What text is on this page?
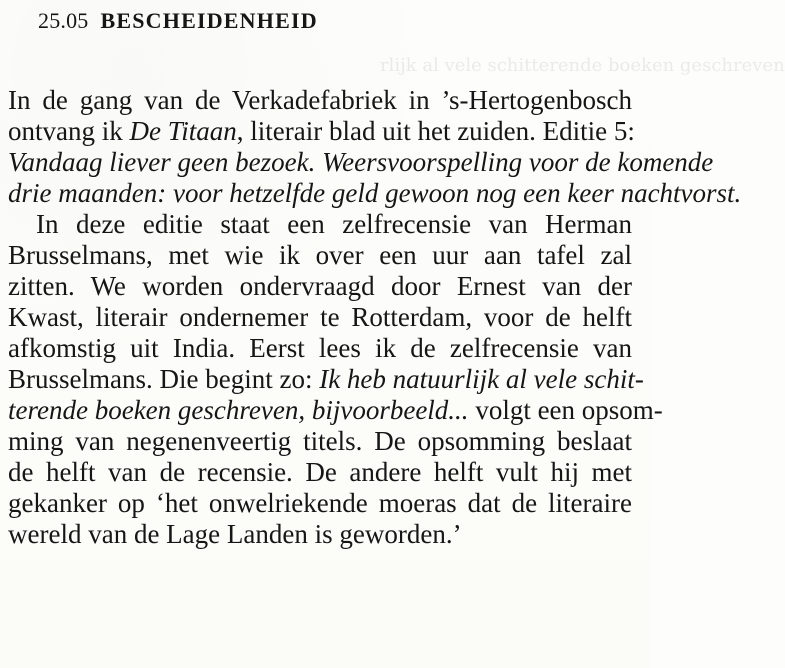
rlijk al vele schitterende boeken geschreven
25.05 BESCHEIDENHEID
In de gang van de Verkadefabriek in ’s-Hertogenbosch
ontvang ik De Titaan, literair blad uit het zuiden. Editie 5:
Vandaag liever geen bezoek. Weersvoorspelling voor de komende
drie maanden: voor hetzelfde geld gewoon nog een keer nachtvorst.
In deze editie staat een zelfrecensie van Herman
Brusselmans, met wie ik over een uur aan tafel zal
zitten. We worden ondervraagd door Ernest van der
Kwast, literair ondernemer te Rotterdam, voor de helft
afkomstig uit India. Eerst lees ik de zelfrecensie van
Brusselmans. Die begint zo: Ik heb natuurlijk al vele schit-
terende boeken geschreven, bijvoorbeeld... volgt een opsom-
ming van negenenveertig titels. De opsomming beslaat
de helft van de recensie. De andere helft vult hij met
gekanker op ‘het onwelriekende moeras dat de literaire
wereld van de Lage Landen is geworden.’
